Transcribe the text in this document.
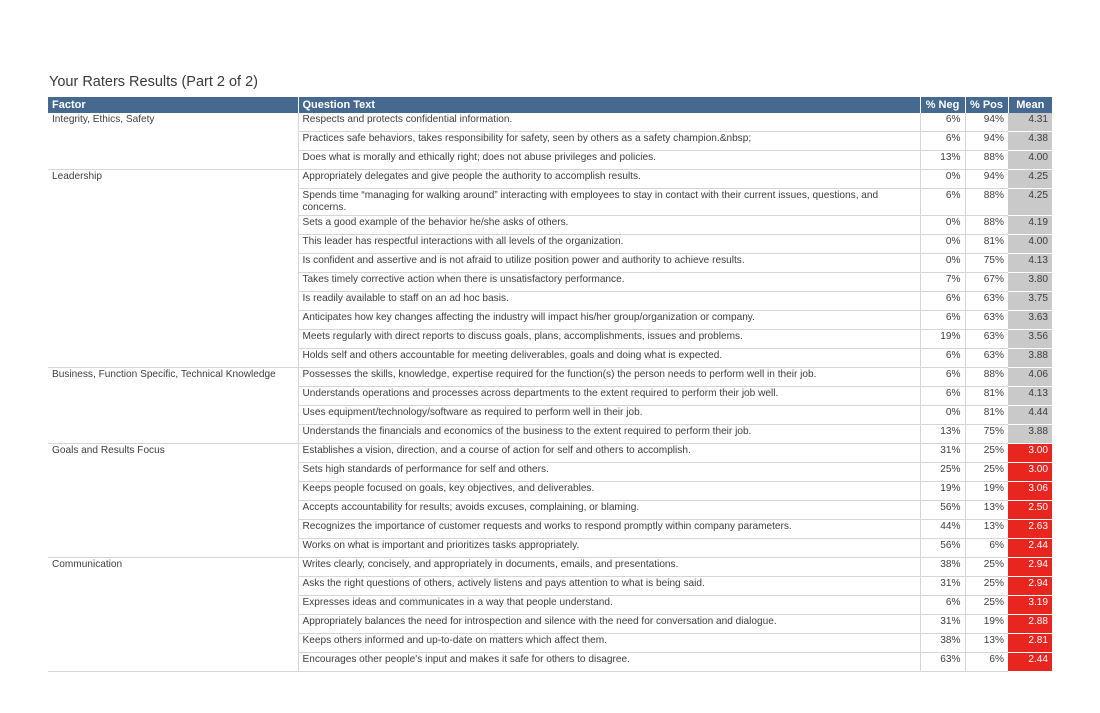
Your Raters Results (Part 2 of 2)
Factor	Question Text	% Neg	% Pos	Mean
Integrity, Ethics, Safety	Respects and protects confidential information.	6%	94%	4.31
	Practices safe behaviors, takes responsibility for safety, seen by others as a safety champion.&nbsp;	6%	94%	4.38
	Does what is morally and ethically right; does not abuse privileges and policies.	13%	88%	4.00
Leadership	Appropriately delegates and give people the authority to accomplish results.	0%	94%	4.25
	Spends time “managing for walking around” interacting with employees to stay in contact with their current issues, questions, and concerns.	6%	88%	4.25
	Sets a good example of the behavior he/she asks of others.	0%	88%	4.19
	This leader has respectful interactions with all levels of the organization.	0%	81%	4.00
	Is confident and assertive and is not afraid to utilize position power and authority to achieve results.	0%	75%	4.13
	Takes timely corrective action when there is unsatisfactory performance.	7%	67%	3.80
	Is readily available to staff on an ad hoc basis.	6%	63%	3.75
	Anticipates how key changes affecting the industry will impact his/her group/organization or company.	6%	63%	3.63
	Meets regularly with direct reports to discuss goals, plans, accomplishments, issues and problems.	19%	63%	3.56
	Holds self and others accountable for meeting deliverables, goals and doing what is expected.	6%	63%	3.88
Business, Function Specific, Technical Knowledge	Possesses the skills, knowledge, expertise required for the function(s) the person needs to perform well in their job.	6%	88%	4.06
	Understands operations and processes across departments to the extent required to perform their job well.	6%	81%	4.13
	Uses equipment/technology/software as required to perform well in their job.	0%	81%	4.44
	Understands the financials and economics of the business to the extent required to perform their job.	13%	75%	3.88
Goals and Results Focus	Establishes a vision, direction, and a course of action for self and others to accomplish.	31%	25%	3.00
	Sets high standards of performance for self and others.	25%	25%	3.00
	Keeps people focused on goals, key objectives, and deliverables.	19%	19%	3.06
	Accepts accountability for results; avoids excuses, complaining, or blaming.	56%	13%	2.50
	Recognizes the importance of customer requests and works to respond promptly within company parameters.	44%	13%	2.63
	Works on what is important and prioritizes tasks appropriately.	56%	6%	2.44
Communication	Writes clearly, concisely, and appropriately in documents, emails, and presentations.	38%	25%	2.94
	Asks the right questions of others, actively listens and pays attention to what is being said.	31%	25%	2.94
	Expresses ideas and communicates in a way that people understand.	6%	25%	3.19
	Appropriately balances the need for introspection and silence with the need for conversation and dialogue.	31%	19%	2.88
	Keeps others informed and up-to-date on matters which affect them.	38%	13%	2.81
	Encourages other people's input and makes it safe for others to disagree.	63%	6%	2.44
